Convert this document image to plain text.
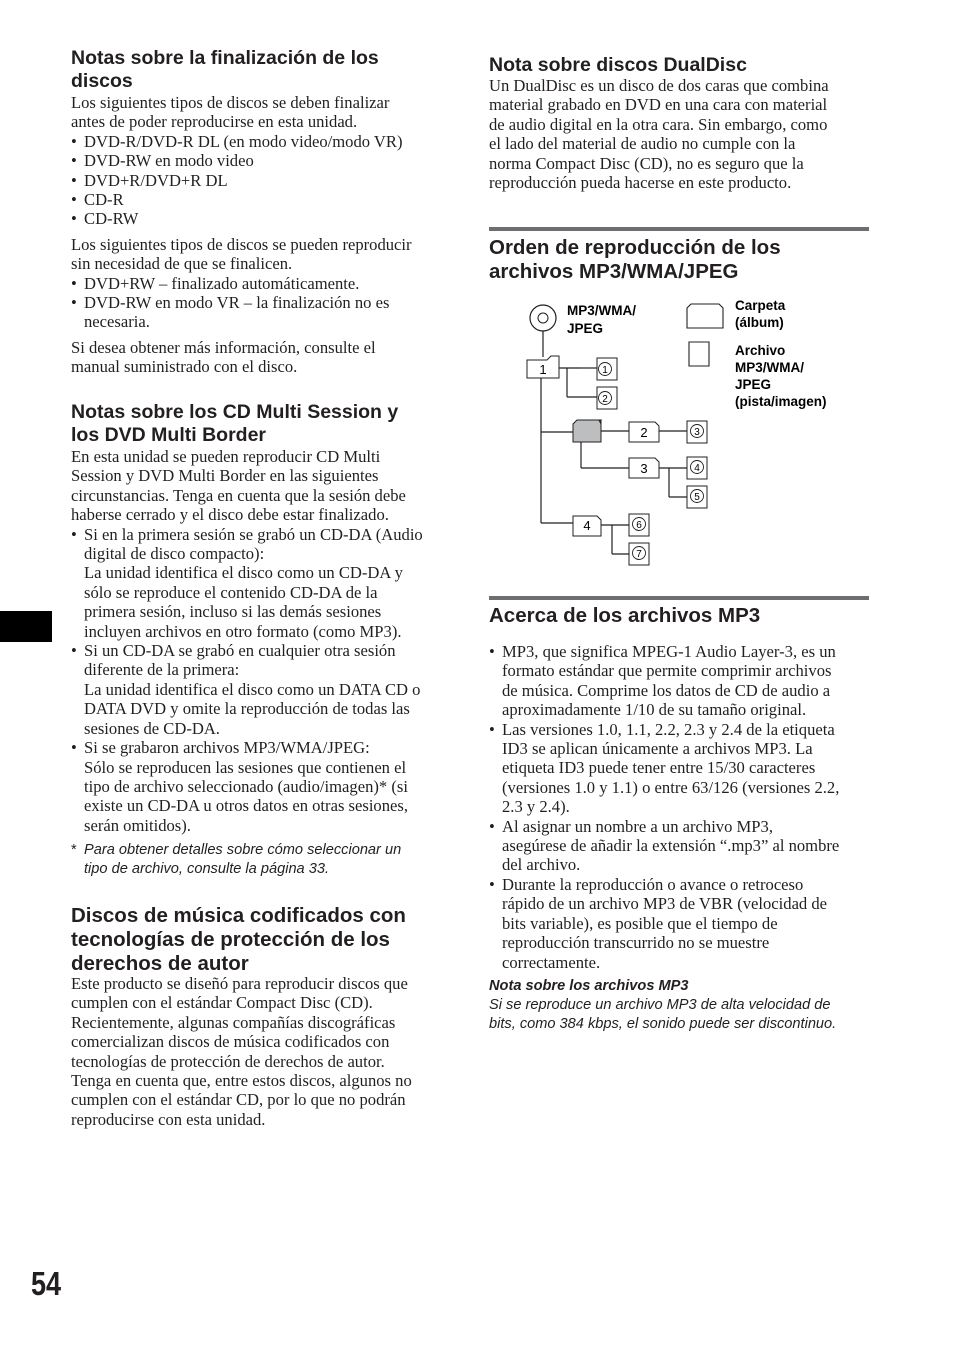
54
Notas sobre la finalización de los
discos

Los siguientes tipos de discos se deben finalizar
antes de poder reproducirse en esta unidad.

• DVD-R/DVD-R DL (en modo video/modo VR)
• DVD-RW en modo video
• DVD+R/DVD+R DL
• CD-R
• CD-RW

Los siguientes tipos de discos se pueden reproducir
sin necesidad de que se finalicen.

• DVD+RW – finalizado automáticamente.
• DVD-RW en modo VR – la finalización no es
necesaria.

Si desea obtener más información, consulte el
manual suministrado con el disco.

Notas sobre los CD Multi Session y
los DVD Multi Border

En esta unidad se pueden reproducir CD Multi
Session y DVD Multi Border en las siguientes
circunstancias. Tenga en cuenta que la sesión debe
haberse cerrado y el disco debe estar finalizado.

• Si en la primera sesión se grabó un CD-DA (Audio
digital de disco compacto):
La unidad identifica el disco como un CD-DA y
sólo se reproduce el contenido CD-DA de la
primera sesión, incluso si las demás sesiones
incluyen archivos en otro formato (como MP3).
• Si un CD-DA se grabó en cualquier otra sesión
diferente de la primera:
La unidad identifica el disco como un DATA CD o
DATA DVD y omite la reproducción de todas las
sesiones de CD-DA.
• Si se grabaron archivos MP3/WMA/JPEG:
Sólo se reproducen las sesiones que contienen el
tipo de archivo seleccionado (audio/imagen)* (si
existe un CD-DA u otros datos en otras sesiones,
serán omitidos).
* Para obtener detalles sobre cómo seleccionar un
tipo de archivo, consulte la página 33.
Discos de música codificados con
tecnologías de protección de los
derechos de autor

Este producto se diseñó para reproducir discos que
cumplen con el estándar Compact Disc (CD).
Recientemente, algunas compañías discográficas
comercializan discos de música codificados con
tecnologías de protección de derechos de autor.
Tenga en cuenta que, entre estos discos, algunos no
cumplen con el estándar CD, por lo que no podrán
reproducirse con esta unidad.

Nota sobre discos DualDisc

Un DualDisc es un disco de dos caras que combina
material grabado en DVD en una cara con material
de audio digital en la otra cara. Sin embargo, como
el lado del material de audio no cumple con la
norma Compact Disc (CD), no es seguro que la
reproducción pueda hacerse en este producto.

Orden de reproducción de los
archivos MP3/WMA/JPEG
MP3/WMA/
JPEG
1
2
3
4
1
2
3
4
5
6
7
Carpeta
(álbum)
Archivo
MP3/WMA/
JPEG
(pista/imagen)
Acerca de los archivos MP3
• MP3, que significa MPEG-1 Audio Layer-3, es un
formato estándar que permite comprimir archivos
de música. Comprime los datos de CD de audio a
aproximadamente 1/10 de su tamaño original.
• Las versiones 1.0, 1.1, 2.2, 2.3 y 2.4 de la etiqueta
ID3 se aplican únicamente a archivos MP3. La
etiqueta ID3 puede tener entre 15/30 caracteres
(versiones 1.0 y 1.1) o entre 63/126 (versiones 2.2,
2.3 y 2.4).
• Al asignar un nombre a un archivo MP3,
asegúrese de añadir la extensión “.mp3” al nombre
del archivo.
• Durante la reproducción o avance o retroceso
rápido de un archivo MP3 de VBR (velocidad de
bits variable), es posible que el tiempo de
reproducción transcurrido no se muestre
correctamente.
Nota sobre los archivos MP3
Si se reproduce un archivo MP3 de alta velocidad de
bits, como 384 kbps, el sonido puede ser discontinuo.
